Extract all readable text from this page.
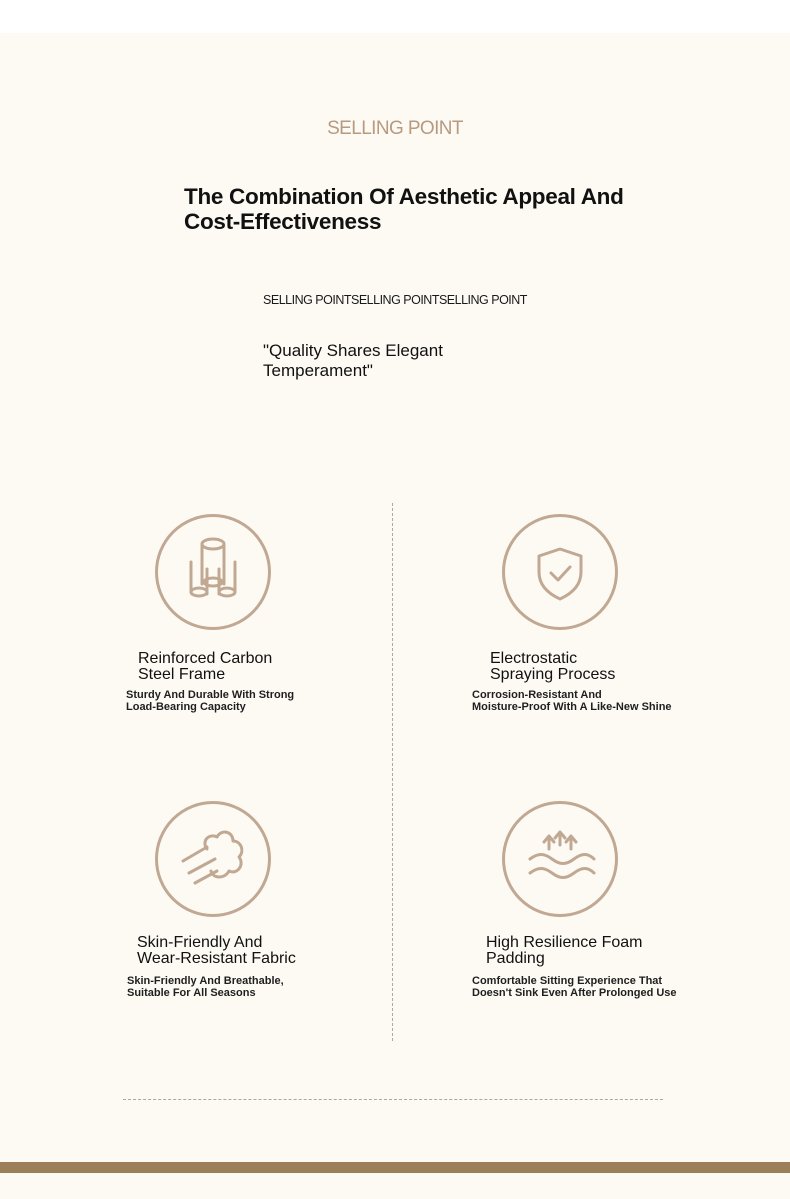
SELLING POINT
The Combination Of Aesthetic Appeal And Cost-Effectiveness
SELLING POINTSELLING POINTSELLING POINT
"Quality Shares Elegant Temperament"
Reinforced Carbon
Steel Frame
Sturdy And Durable With Strong
Load-Bearing Capacity
Electrostatic
Spraying Process
Corrosion-Resistant And
Moisture-Proof With A Like-New Shine
Skin-Friendly And
Wear-Resistant Fabric
Skin-Friendly And Breathable,
Suitable For All Seasons
High Resilience Foam
Padding
Comfortable Sitting Experience That
Doesn't Sink Even After Prolonged Use
